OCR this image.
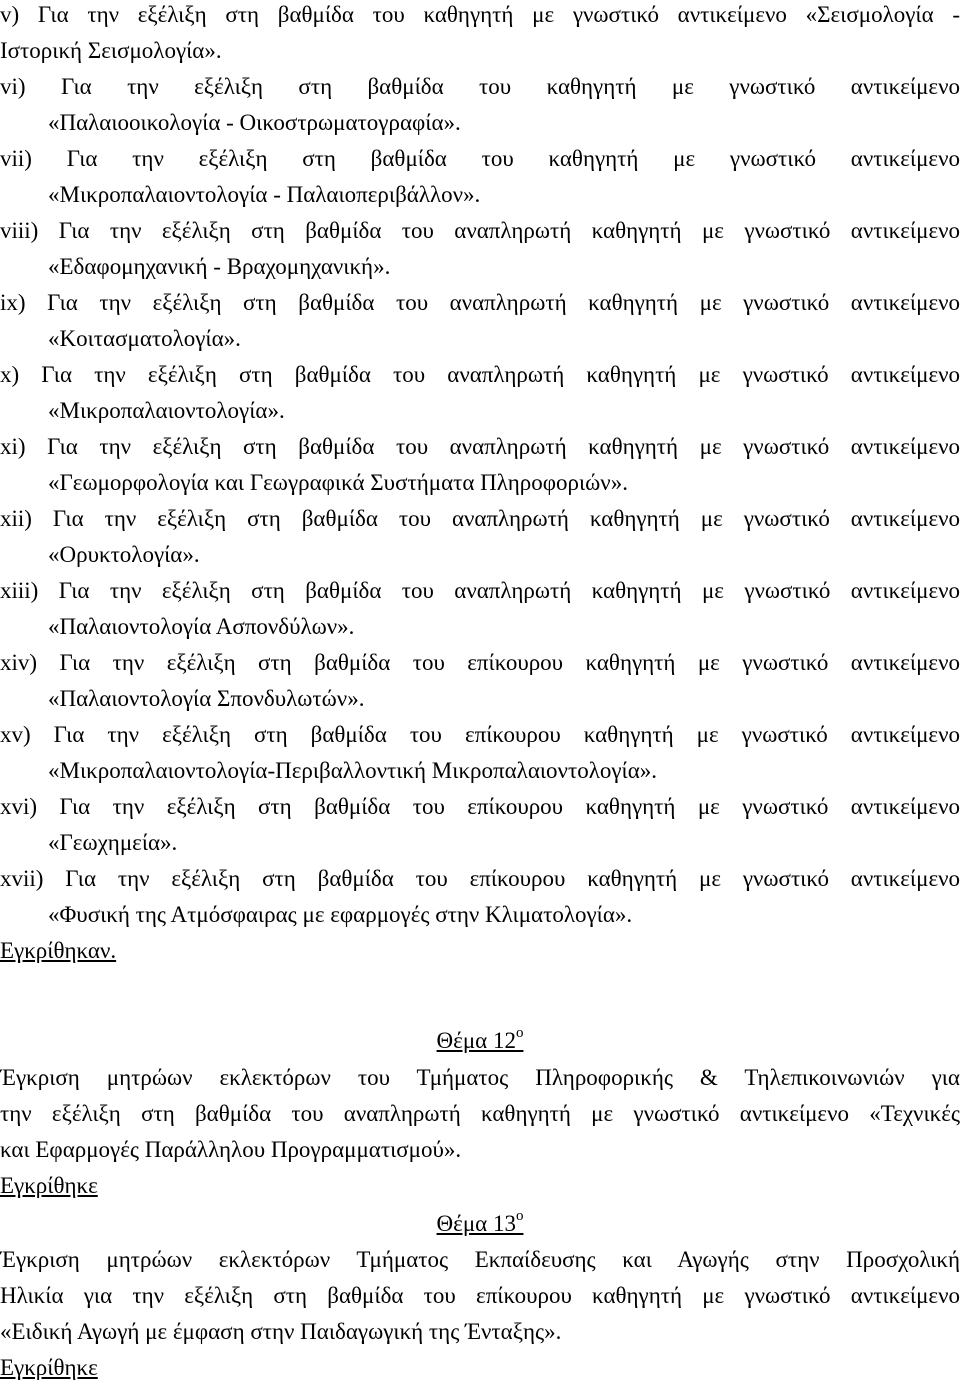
v) Για την εξέλιξη στη βαθμίδα του καθηγητή με γνωστικό αντικείμενο «Σεισμολογία -
Ιστορική Σεισμολογία».
vi) Για την εξέλιξη στη βαθμίδα του καθηγητή με γνωστικό αντικείμενο
«Παλαιοοικολογία - Οικοστρωματογραφία».
vii) Για την εξέλιξη στη βαθμίδα του καθηγητή με γνωστικό αντικείμενο
«Μικροπαλαιοντολογία - Παλαιοπεριβάλλον».
viii) Για την εξέλιξη στη βαθμίδα του αναπληρωτή καθηγητή με γνωστικό αντικείμενο
«Εδαφομηχανική - Βραχομηχανική».
ix) Για την εξέλιξη στη βαθμίδα του αναπληρωτή καθηγητή με γνωστικό αντικείμενο
«Κοιτασματολογία».
x) Για την εξέλιξη στη βαθμίδα του αναπληρωτή καθηγητή με γνωστικό αντικείμενο
«Μικροπαλαιοντολογία».
xi) Για την εξέλιξη στη βαθμίδα του αναπληρωτή καθηγητή με γνωστικό αντικείμενο
«Γεωμορφολογία και Γεωγραφικά Συστήματα Πληροφοριών».
xii) Για την εξέλιξη στη βαθμίδα του αναπληρωτή καθηγητή με γνωστικό αντικείμενο
«Ορυκτολογία».
xiii) Για την εξέλιξη στη βαθμίδα του αναπληρωτή καθηγητή με γνωστικό αντικείμενο
«Παλαιοντολογία Ασπονδύλων».
xiv) Για την εξέλιξη στη βαθμίδα του επίκουρου καθηγητή με γνωστικό αντικείμενο
«Παλαιοντολογία Σπονδυλωτών».
xv) Για την εξέλιξη στη βαθμίδα του επίκουρου καθηγητή με γνωστικό αντικείμενο
«Μικροπαλαιοντολογία-Περιβαλλοντική Μικροπαλαιοντολογία».
xvi) Για την εξέλιξη στη βαθμίδα του επίκουρου καθηγητή με γνωστικό αντικείμενο
«Γεωχημεία».
xvii) Για την εξέλιξη στη βαθμίδα του επίκουρου καθηγητή με γνωστικό αντικείμενο
«Φυσική της Ατμόσφαιρας με εφαρμογές στην Κλιματολογία».
Εγκρίθηκαν.
Θέμα $12^o$
Έγκριση μητρώων εκλεκτόρων του Τμήματος Πληροφορικής & Τηλεπικοινωνιών για
την εξέλιξη στη βαθμίδα του αναπληρωτή καθηγητή με γνωστικό αντικείμενο «Τεχνικές
και Εφαρμογές Παράλληλου Προγραμματισμού».
Εγκρίθηκε
Θέμα $13^o$
Έγκριση μητρώων εκλεκτόρων Τμήματος Εκπαίδευσης και Αγωγής στην Προσχολική
Ηλικία για την εξέλιξη στη βαθμίδα του επίκουρου καθηγητή με γνωστικό αντικείμενο
«Ειδική Αγωγή με έμφαση στην Παιδαγωγική της Ένταξης».
Εγκρίθηκε
